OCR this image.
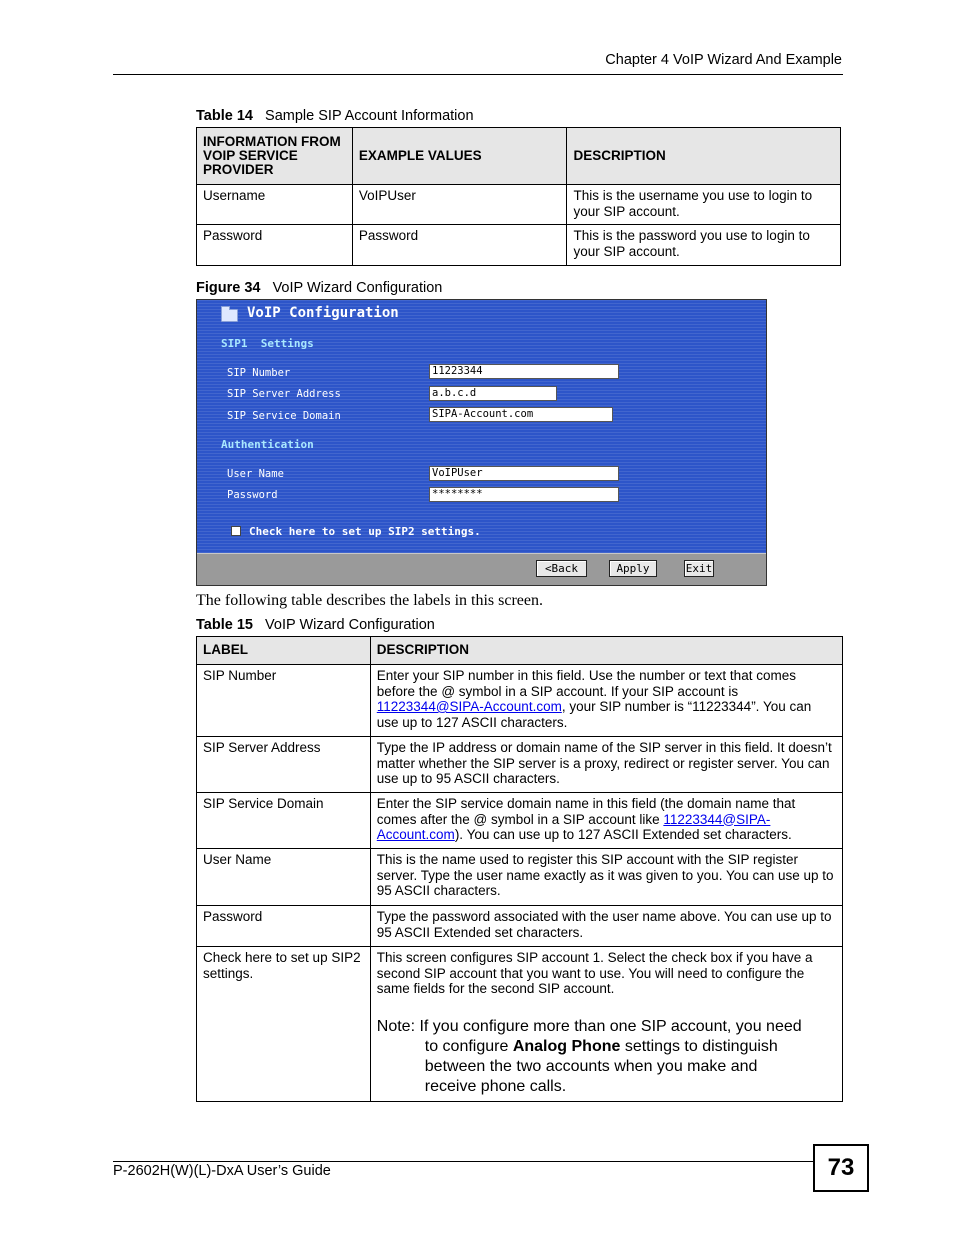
Chapter 4 VoIP Wizard And Example
Table 14 Sample SIP Account Information
INFORMATION FROM VOIP SERVICE PROVIDER	EXAMPLE VALUES	DESCRIPTION
Username	VoIPUser	This is the username you use to login to your SIP account.
Password	Password	This is the password you use to login to your SIP account.
Figure 34 VoIP Wizard Configuration
VoIP Configuration
SIP1  Settings
SIP Number	11223344
SIP Server Address	a.b.c.d
SIP Service Domain	SIPA-Account.com
Authentication
User Name	VoIPUser
Password	********
Check here to set up SIP2 settings.
<Back	Apply	Exit
The following table describes the labels in this screen.
Table 15 VoIP Wizard Configuration
LABEL	DESCRIPTION
SIP Number	Enter your SIP number in this field. Use the number or text that comes before the @ symbol in a SIP account. If your SIP account is 11223344@SIPA-Account.com, your SIP number is “11223344”. You can use up to 127 ASCII characters.
SIP Server Address	Type the IP address or domain name of the SIP server in this field. It doesn’t matter whether the SIP server is a proxy, redirect or register server. You can use up to 95 ASCII characters.
SIP Service Domain	Enter the SIP service domain name in this field (the domain name that comes after the @ symbol in a SIP account like 11223344@SIPA-Account.com). You can use up to 127 ASCII Extended set characters.
User Name	This is the name used to register this SIP account with the SIP register server. Type the user name exactly as it was given to you. You can use up to 95 ASCII characters.
Password	Type the password associated with the user name above. You can use up to 95 ASCII Extended set characters.
Check here to set up SIP2 settings.	This screen configures SIP account 1. Select the check box if you have a second SIP account that you want to use. You will need to configure the same fields for the second SIP account.
Note: If you configure more than one SIP account, you need
to configure Analog Phone settings to distinguish
between the two accounts when you make and
receive phone calls.
P-2602H(W)(L)-DxA User’s Guide	73
